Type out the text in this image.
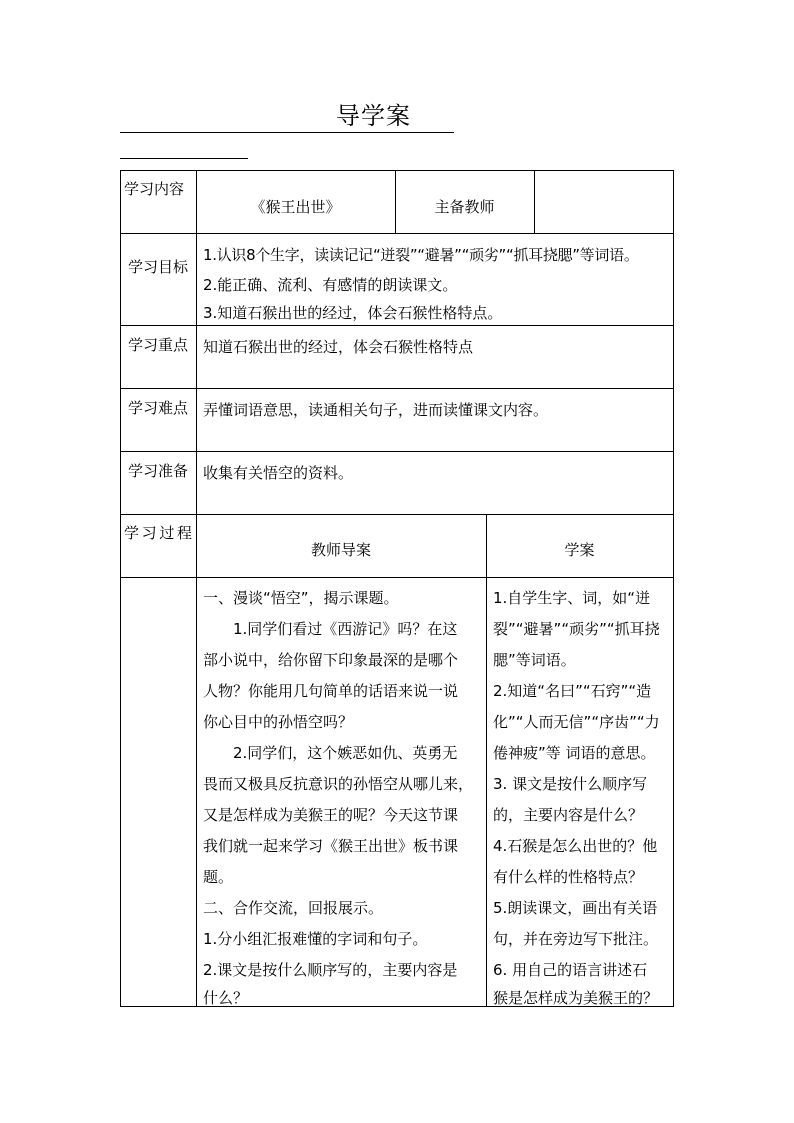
导学案
学习内容
《猴王出世》	主备教师
学习目标
1.认识8个生字，读读记记“迸裂”“避暑”“顽劣”“抓耳挠腮”等词语。
2.能正确、流利、有感情的朗读课文。
3.知道石猴出世的经过，体会石猴性格特点。
学习重点 知道石猴出世的经过，体会石猴性格特点
学习难点 弄懂词语意思，读通相关句子，进而读懂课文内容。
学习准备 收集有关悟空的资料。
学习过程
教师导案	学案
一、漫谈“悟空”，揭示课题。
　　1.同学们看过《西游记》吗？在这
部小说中，给你留下印象最深的是哪个
人物？你能用几句简单的话语来说一说
你心目中的孙悟空吗？
　　2.同学们，这个嫉恶如仇、英勇无
畏而又极具反抗意识的孙悟空从哪儿来，
又是怎样成为美猴王的呢？今天这节课
我们就一起来学习《猴王出世》板书课
题。
二、合作交流，回报展示。
1.分小组汇报难懂的字词和句子。
2.课文是按什么顺序写的，主要内容是
什么？
1.自学生字、词，如“迸
裂”“避暑”“顽劣”“抓耳挠
腮”等词语。
2.知道“名曰”“石窍”“造
化”“人而无信”“序齿”“力
倦神疲”等 词语的意思。
3. 课文是按什么顺序写
的，主要内容是什么？
4.石猴是怎么出世的？他
有什么样的性格特点？
5.朗读课文，画出有关语
句，并在旁边写下批注。
6. 用自己的语言讲述石
猴是怎样成为美猴王的？
